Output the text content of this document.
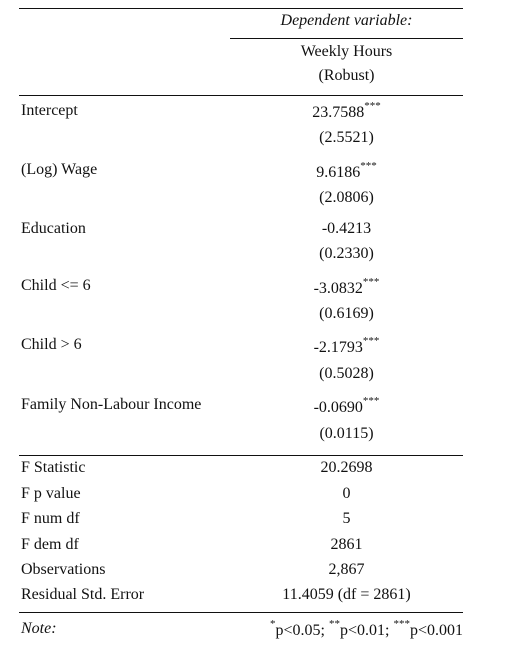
Dependent variable:
Weekly Hours
(Robust)
Intercept	23.7588***
(2.5521)
(Log) Wage	9.6186***
(2.0806)
Education	-0.4213
(0.2330)
Child <= 6	-3.0832***
(0.6169)
Child > 6	-2.1793***
(0.5028)
Family Non-Labour Income	-0.0690***
(0.0115)
F Statistic	20.2698
F p value	0
F num df	5
F dem df	2861
Observations	2,867
Residual Std. Error	11.4059 (df = 2861)
Note:	*p<0.05; **p<0.01; ***p<0.001
